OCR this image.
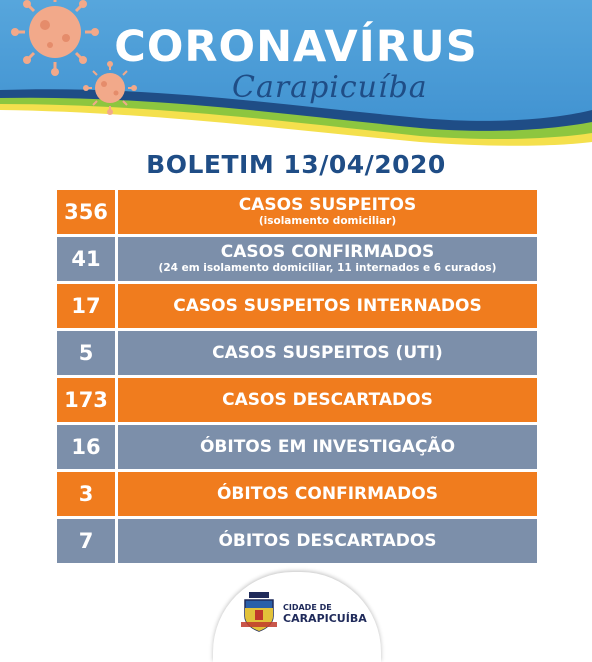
CORONAVÍRUS
Carapicuíba
BOLETIM 13/04/2020
356	CASOS SUSPEITOS
(isolamento domiciliar)
41	CASOS CONFIRMADOS
(24 em isolamento domiciliar, 11 internados e 6 curados)
17	CASOS SUSPEITOS INTERNADOS
5	CASOS SUSPEITOS (UTI)
173	CASOS DESCARTADOS
16	ÓBITOS EM INVESTIGAÇÃO
3	ÓBITOS CONFIRMADOS
7	ÓBITOS DESCARTADOS
CIDADE DE
CARAPICUÍBA
